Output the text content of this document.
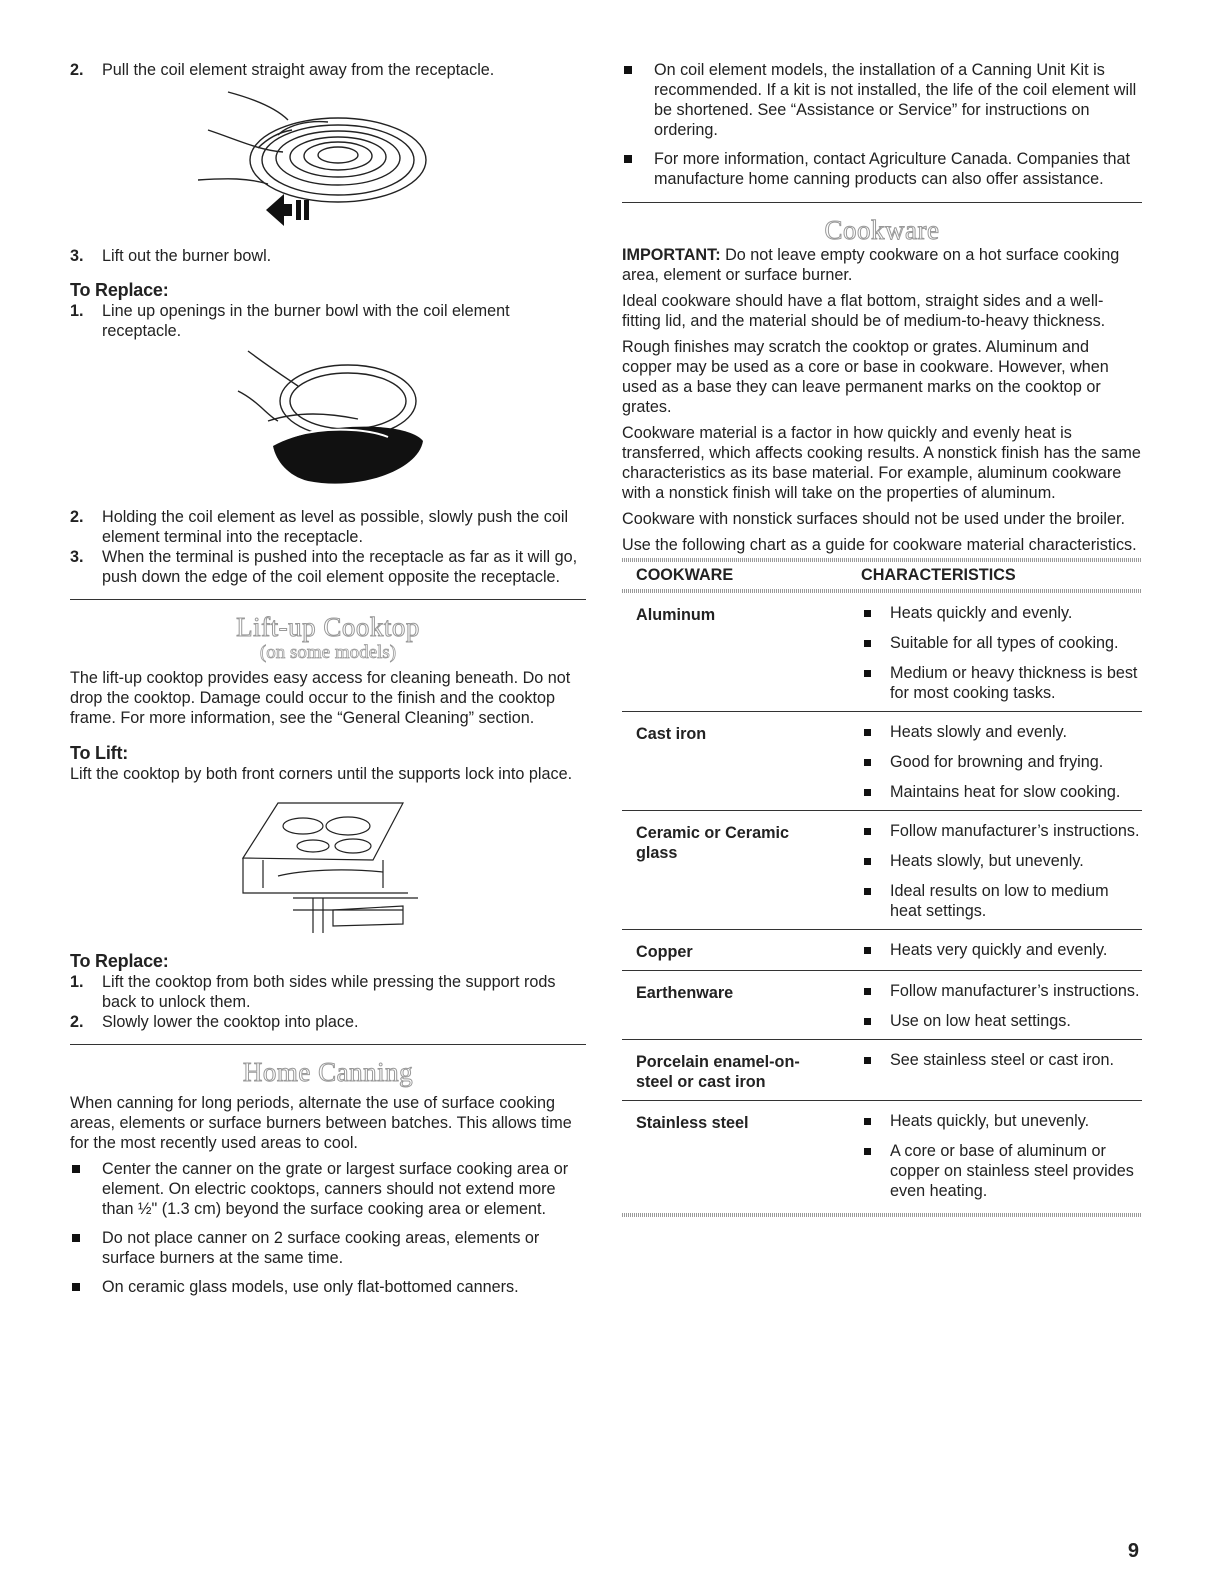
2. Pull the coil element straight away from the receptacle.
3. Lift out the burner bowl.
To Replace:
1. Line up openings in the burner bowl with the coil element receptacle.
2. Holding the coil element as level as possible, slowly push the coil element terminal into the receptacle.
3. When the terminal is pushed into the receptacle as far as it will go, push down the edge of the coil element opposite the receptacle.
Lift-up Cooktop
(on some models)

The lift-up cooktop provides easy access for cleaning beneath. Do not drop the cooktop. Damage could occur to the finish and the cooktop frame. For more information, see the “General Cleaning” section.

To Lift:

Lift the cooktop by both front corners until the supports lock into place.

To Replace:
1. Lift the cooktop from both sides while pressing the support rods back to unlock them.
2. Slowly lower the cooktop into place.
Home Canning

When canning for long periods, alternate the use of surface cooking areas, elements or surface burners between batches. This allows time for the most recently used areas to cool.

Center the canner on the grate or largest surface cooking area or element. On electric cooktops, canners should not extend more than ½" (1.3 cm) beyond the surface cooking area or element.
Do not place canner on 2 surface cooking areas, elements or surface burners at the same time.
On ceramic glass models, use only flat-bottomed canners.
On coil element models, the installation of a Canning Unit Kit is recommended. If a kit is not installed, the life of the coil element will be shortened. See “Assistance or Service” for instructions on ordering.
For more information, contact Agriculture Canada. Companies that manufacture home canning products can also offer assistance.
Cookware

IMPORTANT: Do not leave empty cookware on a hot surface cooking area, element or surface burner.

Ideal cookware should have a flat bottom, straight sides and a well-fitting lid, and the material should be of medium-to-heavy thickness.

Rough finishes may scratch the cooktop or grates. Aluminum and copper may be used as a core or base in cookware. However, when used as a base they can leave permanent marks on the cooktop or grates.

Cookware material is a factor in how quickly and evenly heat is transferred, which affects cooking results. A nonstick finish has the same characteristics as its base material. For example, aluminum cookware with a nonstick finish will take on the properties of aluminum.

Cookware with nonstick surfaces should not be used under the broiler.

Use the following chart as a guide for cookware material characteristics.

COOKWARE	CHARACTERISTICS

Aluminum	Heats quickly and evenly.
Suitable for all types of cooking.
Medium or heavy thickness is best for most cooking tasks.

Cast iron	Heats slowly and evenly.
Good for browning and frying.
Maintains heat for slow cooking.

Ceramic or Ceramic glass	Follow manufacturer’s instructions.
Heats slowly, but unevenly.
Ideal results on low to medium heat settings.

Copper	Heats very quickly and evenly.

Earthenware	Follow manufacturer’s instructions.
Use on low heat settings.

Porcelain enamel-on-steel or cast iron	See stainless steel or cast iron.

Stainless steel	Heats quickly, but unevenly.
A core or base of aluminum or copper on stainless steel provides even heating.
9
